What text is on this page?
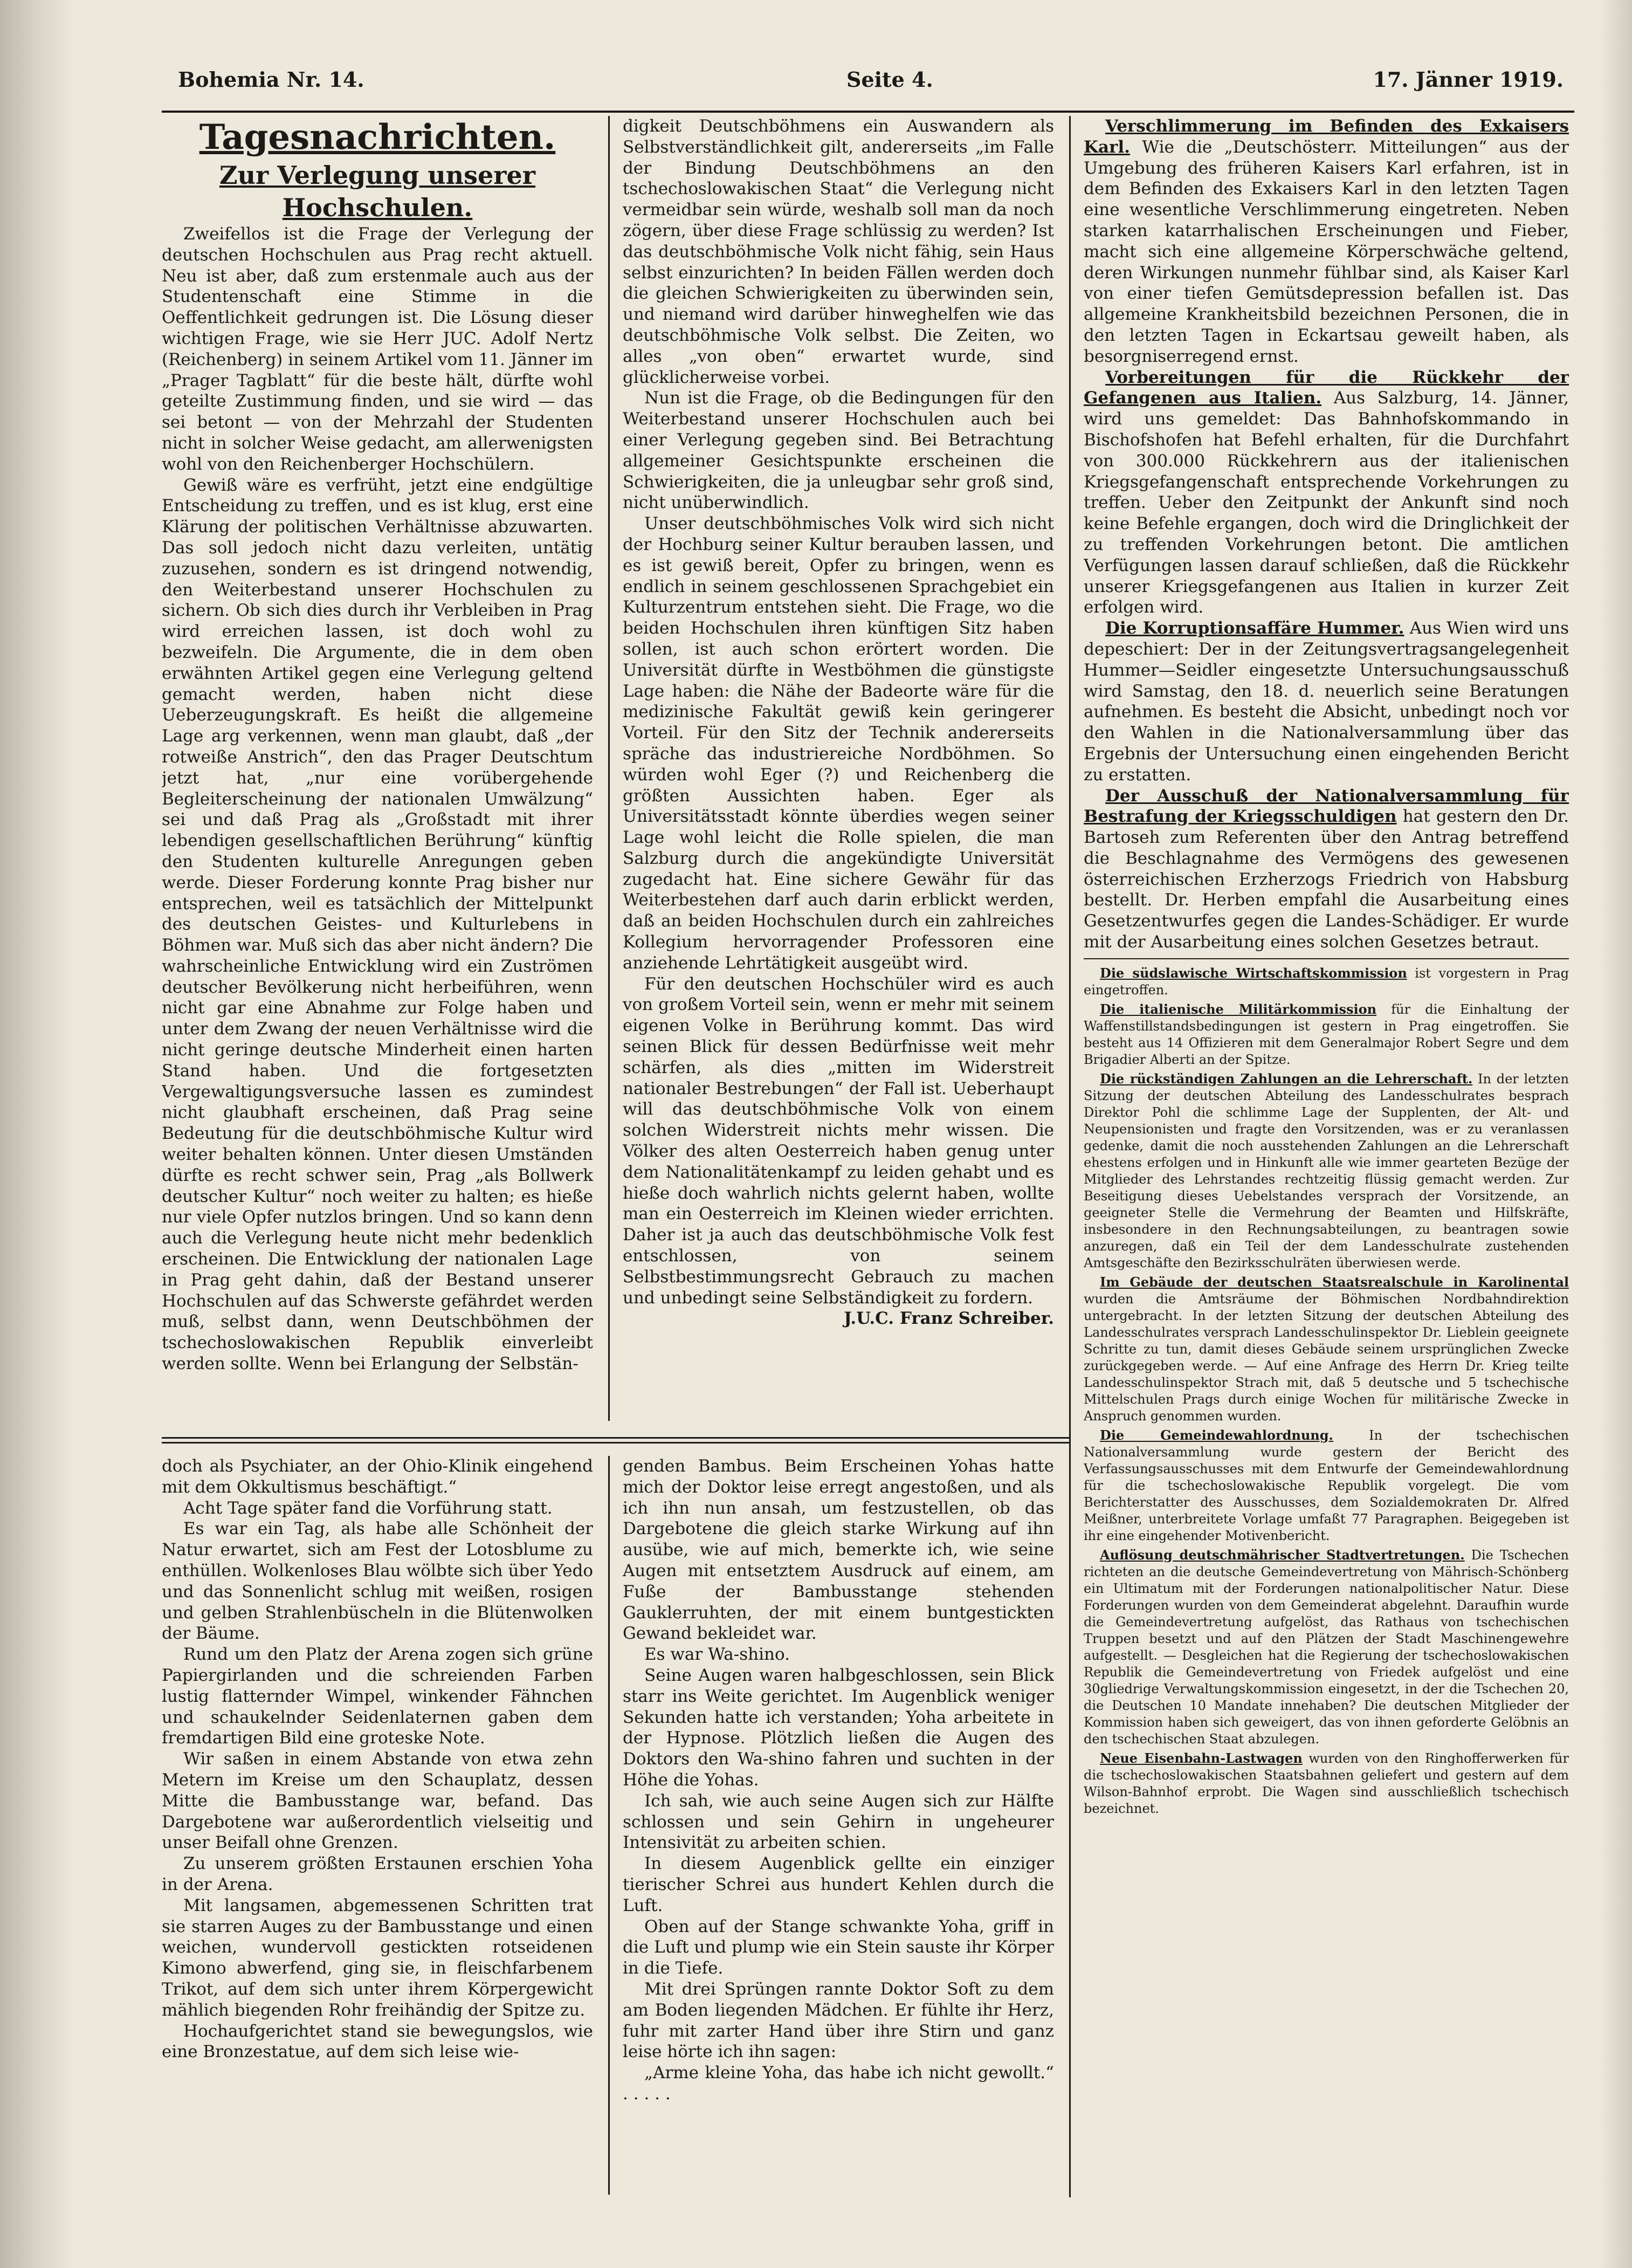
Bohemia Nr. 14.	Seite 4.	17. Jänner 1919.

Tagesnachrichten.

Zur Verlegung unserer Hochschulen.

Zweifellos ist die Frage der Verlegung der deutschen Hochschulen aus Prag recht aktuell. Neu ist aber, daß zum erstenmale auch aus der Studentenschaft eine Stimme in die Oeffentlichkeit gedrungen ist. Die Lösung dieser wichtigen Frage, wie sie Herr JUC. Adolf Nertz (Reichenberg) in seinem Artikel vom 11. Jänner im „Prager Tagblatt“ für die beste hält, dürfte wohl geteilte Zustimmung finden, und sie wird — das sei betont — von der Mehrzahl der Studenten nicht in solcher Weise gedacht, am allerwenigsten wohl von den Reichenberger Hochschülern.

Gewiß wäre es verfrüht, jetzt eine endgültige Entscheidung zu treffen, und es ist klug, erst eine Klärung der politischen Verhältnisse abzuwarten. Das soll jedoch nicht dazu verleiten, untätig zuzusehen, sondern es ist dringend notwendig, den Weiterbestand unserer Hochschulen zu sichern. Ob sich dies durch ihr Verbleiben in Prag wird erreichen lassen, ist doch wohl zu bezweifeln. Die Argumente, die in dem oben erwähnten Artikel gegen eine Verlegung geltend gemacht werden, haben nicht diese Ueberzeugungskraft. Es heißt die allgemeine Lage arg verkennen, wenn man glaubt, daß „der rotweiße Anstrich“, den das Prager Deutschtum jetzt hat, „nur eine vorübergehende Begleiterscheinung der nationalen Umwälzung“ sei und daß Prag als „Großstadt mit ihrer lebendigen gesellschaftlichen Berührung“ künftig den Studenten kulturelle Anregungen geben werde. Dieser Forderung konnte Prag bisher nur entsprechen, weil es tatsächlich der Mittelpunkt des deutschen Geistes- und Kulturlebens in Böhmen war. Muß sich das aber nicht ändern? Die wahrscheinliche Entwicklung wird ein Zuströmen deutscher Bevölkerung nicht herbeiführen, wenn nicht gar eine Abnahme zur Folge haben und unter dem Zwang der neuen Verhältnisse wird die nicht geringe deutsche Minderheit einen harten Stand haben. Und die fortgesetzten Vergewaltigungsversuche lassen es zumindest nicht glaubhaft erscheinen, daß Prag seine Bedeutung für die deutschböhmische Kultur wird weiter behalten können. Unter diesen Umständen dürfte es recht schwer sein, Prag „als Bollwerk deutscher Kultur“ noch weiter zu halten; es hieße nur viele Opfer nutzlos bringen. Und so kann denn auch die Verlegung heute nicht mehr bedenklich erscheinen. Die Entwicklung der nationalen Lage in Prag geht dahin, daß der Bestand unserer Hochschulen auf das Schwerste gefährdet werden muß, selbst dann, wenn Deutschböhmen der tschechoslowakischen Republik einverleibt werden sollte. Wenn bei Erlangung der Selbstän-

digkeit Deutschböhmens ein Auswandern als Selbstverständlichkeit gilt, andererseits „im Falle der Bindung Deutschböhmens an den tschechoslowakischen Staat“ die Verlegung nicht vermeidbar sein würde, weshalb soll man da noch zögern, über diese Frage schlüssig zu werden? Ist das deutschböhmische Volk nicht fähig, sein Haus selbst einzurichten? In beiden Fällen werden doch die gleichen Schwierigkeiten zu überwinden sein, und niemand wird darüber hinweghelfen wie das deutschböhmische Volk selbst. Die Zeiten, wo alles „von oben“ erwartet wurde, sind glücklicherweise vorbei.

Nun ist die Frage, ob die Bedingungen für den Weiterbestand unserer Hochschulen auch bei einer Verlegung gegeben sind. Bei Betrachtung allgemeiner Gesichtspunkte erscheinen die Schwierigkeiten, die ja unleugbar sehr groß sind, nicht unüberwindlich.

Unser deutschböhmisches Volk wird sich nicht der Hochburg seiner Kultur berauben lassen, und es ist gewiß bereit, Opfer zu bringen, wenn es endlich in seinem geschlossenen Sprachgebiet ein Kulturzentrum entstehen sieht. Die Frage, wo die beiden Hochschulen ihren künftigen Sitz haben sollen, ist auch schon erörtert worden. Die Universität dürfte in Westböhmen die günstigste Lage haben: die Nähe der Badeorte wäre für die medizinische Fakultät gewiß kein geringerer Vorteil. Für den Sitz der Technik andererseits spräche das industriereiche Nordböhmen. So würden wohl Eger (?) und Reichenberg die größten Aussichten haben. Eger als Universitätsstadt könnte überdies wegen seiner Lage wohl leicht die Rolle spielen, die man Salzburg durch die angekündigte Universität zugedacht hat. Eine sichere Gewähr für das Weiterbestehen darf auch darin erblickt werden, daß an beiden Hochschulen durch ein zahlreiches Kollegium hervorragender Professoren eine anziehende Lehrtätigkeit ausgeübt wird.

Für den deutschen Hochschüler wird es auch von großem Vorteil sein, wenn er mehr mit seinem eigenen Volke in Berührung kommt. Das wird seinen Blick für dessen Bedürfnisse weit mehr schärfen, als dies „mitten im Widerstreit nationaler Bestrebungen“ der Fall ist. Ueberhaupt will das deutschböhmische Volk von einem solchen Widerstreit nichts mehr wissen. Die Völker des alten Oesterreich haben genug unter dem Nationalitätenkampf zu leiden gehabt und es hieße doch wahrlich nichts gelernt haben, wollte man ein Oesterreich im Kleinen wieder errichten. Daher ist ja auch das deutschböhmische Volk fest entschlossen, von seinem Selbstbestimmungsrecht Gebrauch zu machen und unbedingt seine Selbständigkeit zu fordern.

J.U.C. Franz Schreiber.

Verschlimmerung im Befinden des Exkaisers Karl. Wie die „Deutschösterr. Mitteilungen“ aus der Umgebung des früheren Kaisers Karl erfahren, ist in dem Befinden des Exkaisers Karl in den letzten Tagen eine wesentliche Verschlimmerung eingetreten. Neben starken katarrhalischen Erscheinungen und Fieber, macht sich eine allgemeine Körperschwäche geltend, deren Wirkungen nunmehr fühlbar sind, als Kaiser Karl von einer tiefen Gemütsdepression befallen ist. Das allgemeine Krankheitsbild bezeichnen Personen, die in den letzten Tagen in Eckartsau geweilt haben, als besorgniserregend ernst.

Vorbereitungen für die Rückkehr der Gefangenen aus Italien. Aus Salzburg, 14. Jänner, wird uns gemeldet: Das Bahnhofskommando in Bischofshofen hat Befehl erhalten, für die Durchfahrt von 300.000 Rückkehrern aus der italienischen Kriegsgefangenschaft entsprechende Vorkehrungen zu treffen. Ueber den Zeitpunkt der Ankunft sind noch keine Befehle ergangen, doch wird die Dringlichkeit der zu treffenden Vorkehrungen betont. Die amtlichen Verfügungen lassen darauf schließen, daß die Rückkehr unserer Kriegsgefangenen aus Italien in kurzer Zeit erfolgen wird.

Die Korruptionsaffäre Hummer. Aus Wien wird uns depeschiert: Der in der Zeitungsvertragsangelegenheit Hummer—Seidler eingesetzte Untersuchungsausschuß wird Samstag, den 18. d. neuerlich seine Beratungen aufnehmen. Es besteht die Absicht, unbedingt noch vor den Wahlen in die Nationalversammlung über das Ergebnis der Untersuchung einen eingehenden Bericht zu erstatten.

Der Ausschuß der Nationalversammlung für Bestrafung der Kriegsschuldigen hat gestern den Dr. Bartoseh zum Referenten über den Antrag betreffend die Beschlagnahme des Vermögens des gewesenen österreichischen Erzherzogs Friedrich von Habsburg bestellt. Dr. Herben empfahl die Ausarbeitung eines Gesetzentwurfes gegen die Landes-Schädiger. Er wurde mit der Ausarbeitung eines solchen Gesetzes betraut.

Die südslawische Wirtschaftskommission ist vorgestern in Prag eingetroffen.

Die italienische Militärkommission für die Einhaltung der Waffenstillstandsbedingungen ist gestern in Prag eingetroffen. Sie besteht aus 14 Offizieren mit dem Generalmajor Robert Segre und dem Brigadier Alberti an der Spitze.

Die rückständigen Zahlungen an die Lehrerschaft. In der letzten Sitzung der deutschen Abteilung des Landesschulrates besprach Direktor Pohl die schlimme Lage der Supplenten, der Alt- und Neupensionisten und fragte den Vorsitzenden, was er zu veranlassen gedenke, damit die noch ausstehenden Zahlungen an die Lehrerschaft ehestens erfolgen und in Hinkunft alle wie immer gearteten Bezüge der Mitglieder des Lehrstandes rechtzeitig flüssig gemacht werden. Zur Beseitigung dieses Uebelstandes versprach der Vorsitzende, an geeigneter Stelle die Vermehrung der Beamten und Hilfskräfte, insbesondere in den Rechnungsabteilungen, zu beantragen sowie anzuregen, daß ein Teil der dem Landesschulrate zustehenden Amtsgeschäfte den Bezirksschulräten überwiesen werde.

Im Gebäude der deutschen Staatsrealschule in Karolinental wurden die Amtsräume der Böhmischen Nordbahndirektion untergebracht. In der letzten Sitzung der deutschen Abteilung des Landesschulrates versprach Landesschulinspektor Dr. Lieblein geeignete Schritte zu tun, damit dieses Gebäude seinem ursprünglichen Zwecke zurückgegeben werde. — Auf eine Anfrage des Herrn Dr. Krieg teilte Landesschulinspektor Strach mit, daß 5 deutsche und 5 tschechische Mittelschulen Prags durch einige Wochen für militärische Zwecke in Anspruch genommen wurden.

Die Gemeindewahlordnung.	In der tschechischen Nationalversammlung wurde gestern der Bericht des Verfassungsausschusses mit dem Entwurfe der Gemeindewahlordnung für die tschechoslowakische Republik vorgelegt. Die vom Berichterstatter des Ausschusses, dem Sozialdemokraten Dr. Alfred Meißner, unterbreitete Vorlage umfaßt 77 Paragraphen. Beigegeben ist ihr eine eingehender Motivenbericht.

Auflösung deutschmährischer Stadtvertretungen. Die Tschechen richteten an die deutsche Gemeindevertretung von Mährisch-Schönberg ein Ultimatum mit der Forderungen nationalpolitischer Natur. Diese Forderungen wurden von dem Gemeinderat abgelehnt. Daraufhin wurde die Gemeindevertretung aufgelöst, das Rathaus von tschechischen Truppen besetzt und auf den Plätzen der Stadt Maschinengewehre aufgestellt. — Desgleichen hat die Regierung der tschechoslowakischen Republik die Gemeindevertretung von Friedek aufgelöst und eine 30gliedrige Verwaltungskommission eingesetzt, in der die Tschechen 20, die Deutschen 10 Mandate innehaben? Die deutschen Mitglieder der Kommission haben sich geweigert, das von ihnen geforderte Gelöbnis an den tschechischen Staat abzulegen.

Neue Eisenbahn-Lastwagen wurden von den Ringhofferwerken für die tschechoslowakischen Staatsbahnen geliefert und gestern auf dem Wilson-Bahnhof erprobt. Die Wagen sind ausschließlich tschechisch bezeichnet.

doch als Psychiater, an der Ohio-Klinik eingehend mit dem Okkultismus beschäftigt.“

Acht Tage später fand die Vorführung statt.

Es war ein Tag, als habe alle Schönheit der Natur erwartet, sich am Fest der Lotosblume zu enthüllen. Wolkenloses Blau wölbte sich über Yedo und das Sonnenlicht schlug mit weißen, rosigen und gelben Strahlenbüscheln in die Blütenwolken der Bäume.

Rund um den Platz der Arena zogen sich grüne Papiergirlanden und die schreienden Farben lustig flatternder Wimpel, winkender Fähnchen und schaukelnder Seidenlaternen gaben dem fremdartigen Bild eine groteske Note.

Wir saßen in einem Abstande von etwa zehn Metern im Kreise um den Schauplatz, dessen Mitte die Bambusstange war, befand. Das Dargebotene war außerordentlich vielseitig und unser Beifall ohne Grenzen.

Zu unserem größten Erstaunen erschien Yoha in der Arena.

Mit langsamen, abgemessenen Schritten trat sie starren Auges zu der Bambusstange und einen weichen, wundervoll gestickten rotseidenen Kimono abwerfend, ging sie, in fleischfarbenem Trikot, auf dem sich unter ihrem Körpergewicht mählich biegenden Rohr freihändig der Spitze zu.

Hochaufgerichtet stand sie bewegungslos, wie eine Bronzestatue, auf dem sich leise wie-

genden Bambus. Beim Erscheinen Yohas hatte mich der Doktor leise erregt angestoßen, und als ich ihn nun ansah, um festzustellen, ob das Dargebotene die gleich starke Wirkung auf ihn ausübe, wie auf mich, bemerkte ich, wie seine Augen mit entsetztem Ausdruck auf einem, am Fuße der Bambusstange stehenden Gauklerruhten, der mit einem buntgestickten Gewand bekleidet war.

Es war Wa-shino.

Seine Augen waren halbgeschlossen, sein Blick starr ins Weite gerichtet. Im Augenblick weniger Sekunden hatte ich verstanden; Yoha arbeitete in der Hypnose. Plötzlich ließen die Augen des Doktors den Wa-shino fahren und suchten in der Höhe die Yohas.

Ich sah, wie auch seine Augen sich zur Hälfte schlossen und sein Gehirn in ungeheurer Intensivität zu arbeiten schien.

In diesem Augenblick gellte ein einziger tierischer Schrei aus hundert Kehlen durch die Luft.

Oben auf der Stange schwankte Yoha, griff in die Luft und plump wie ein Stein sauste ihr Körper in die Tiefe.

Mit drei Sprüngen rannte Doktor Soft zu dem am Boden liegenden Mädchen. Er fühlte ihr Herz, fuhr mit zarter Hand über ihre Stirn und ganz leise hörte ich ihn sagen:

„Arme kleine Yoha, das habe ich nicht gewollt.“ . . . . .
